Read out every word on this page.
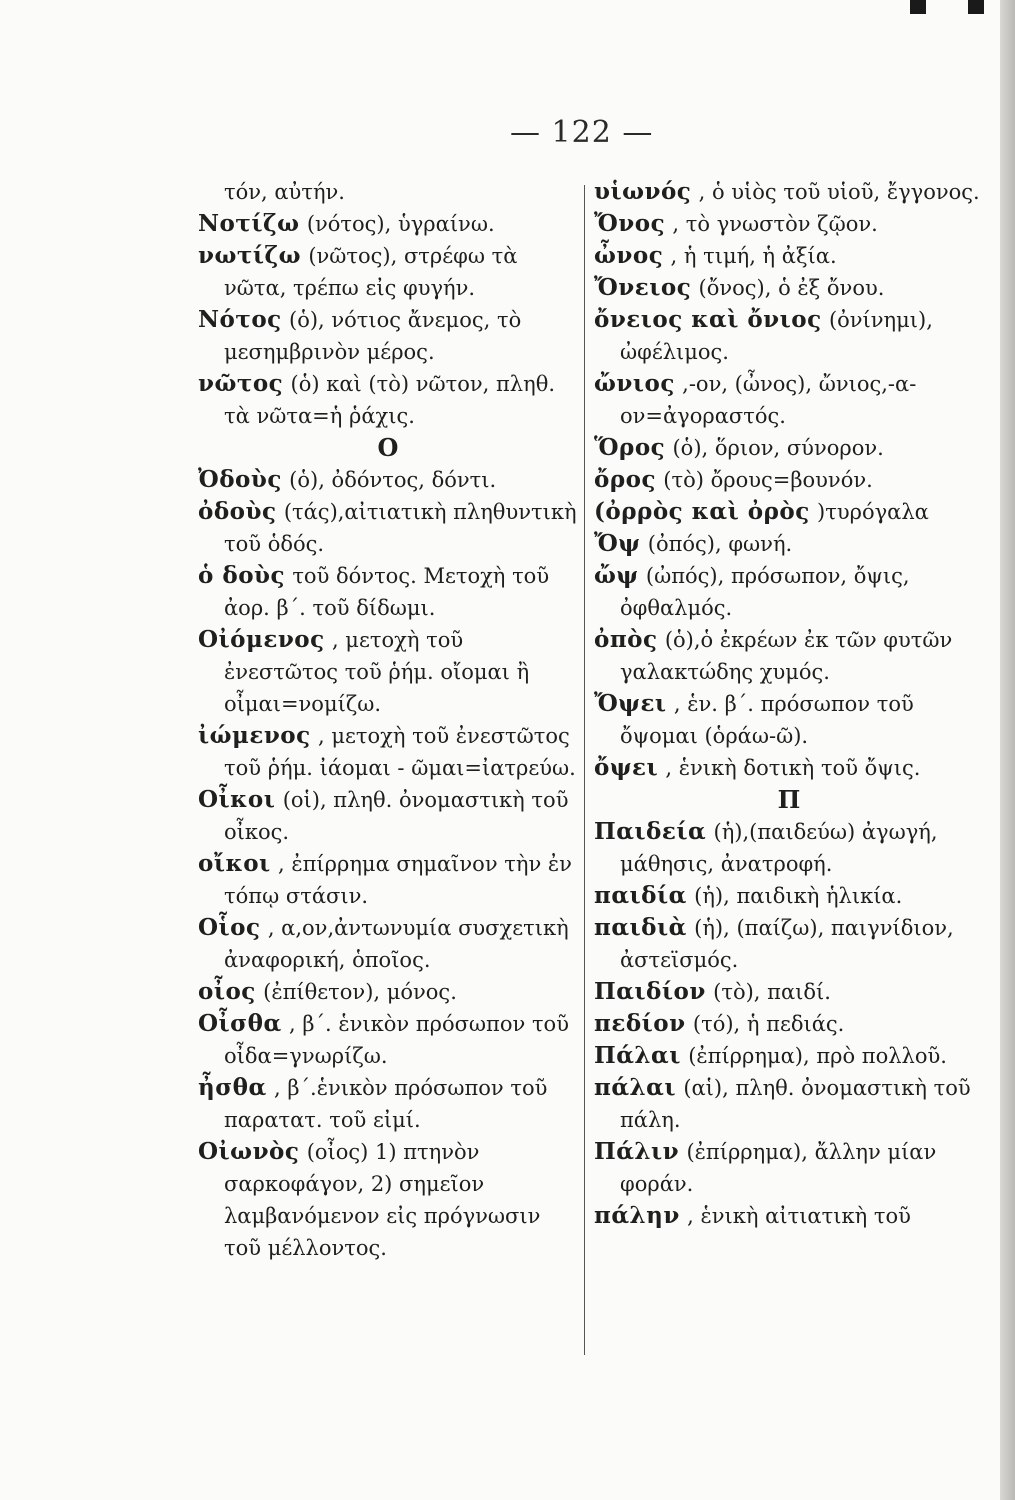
— 122 —

τόν, αὐτήν.

Νοτίζω (νότος), ὑγραίνω.

νωτίζω (νῶτος), στρέφω τὰ νῶτα, τρέπω εἰς φυγήν.

Νότος (ὁ), νότιος ἄνεμος, τὸ μεσημβρινὸν μέρος.

νῶτος (ὁ) καὶ (τὸ) νῶτον, πληθ. τὰ νῶτα=ἡ ῥάχις.

Ο

Ὀδοὺς (ὁ), ὀδόντος, δόντι.

ὀδοὺς (τάς),αἰτιατικὴ πληθυντικὴ τοῦ ὁδός.

ὁ δοὺς τοῦ δόντος. Μετοχὴ τοῦ ἀορ. β΄. τοῦ δίδωμι.

Οἰόμενος , μετοχὴ τοῦ ἐνεστῶτος τοῦ ῥήμ. οἴομαι ἢ οἶμαι=νομίζω.

ἰώμενος , μετοχὴ τοῦ ἐνεστῶτος τοῦ ῥήμ. ἰάομαι - ῶμαι=ἰατρεύω.

Οἶκοι (οἱ), πληθ. ὀνομαστικὴ τοῦ οἶκος.

οἴκοι , ἐπίρρημα σημαῖνον τὴν ἐν τόπῳ στάσιν.

Οἷος , α,ον,ἀντωνυμία συσχετικὴ ἀναφορική, ὁποῖος.

οἶος (ἐπίθετον), μόνος.

Οἶσθα , β΄. ἑνικὸν πρόσωπον τοῦ οἶδα=γνωρίζω.

ἦσθα , β΄.ἑνικὸν πρόσωπον τοῦ παρατατ. τοῦ εἰμί.

Οἰωνὸς (οἶος) 1) πτηνὸν σαρκοφάγον, 2) σημεῖον λαμβανόμενον εἰς πρόγνωσιν τοῦ μέλλοντος.

υἱωνός , ὁ υἱὸς τοῦ υἱοῦ, ἔγγονος.

Ὄνος , τὸ γνωστὸν ζῷον.

ὦνος , ἡ τιμή, ἡ ἀξία.

Ὄνειος (ὄνος), ὁ ἐξ ὄνου.

ὄνειος καὶ ὄνιος (ὀνίνημι), ὠφέλιμος.

ὤνιος ,-ον, (ὦνος), ὤνιος,-α-ον=ἀγοραστός.

Ὅρος (ὁ), ὅριον, σύνορον.

ὄρος (τὸ) ὄρους=βουνόν.

(ὀρρὸς καὶ ὀρὸς )τυρόγαλα

Ὄψ (ὀπός), φωνή.

ὤψ (ὠπός), πρόσωπον, ὄψις, ὀφθαλμός.

ὀπὸς (ὁ),ὁ ἐκρέων ἐκ τῶν φυτῶν γαλακτώδης χυμός.

Ὄψει , ἑν. β΄. πρόσωπον τοῦ ὄψομαι (ὁράω-ῶ).

ὄψει , ἑνικὴ δοτικὴ τοῦ ὄψις.

Π

Παιδεία (ἡ),(παιδεύω) ἀγωγή, μάθησις, ἀνατροφή.

παιδία (ἡ), παιδικὴ ἡλικία.

παιδιὰ (ἡ), (παίζω), παιγνίδιον, ἀστεϊσμός.

Παιδίον (τὸ), παιδί.

πεδίον (τό), ἡ πεδιάς.

Πάλαι (ἐπίρρημα), πρὸ πολλοῦ.

πάλαι (αἱ), πληθ. ὀνομαστικὴ τοῦ πάλη.

Πάλιν (ἐπίρρημα), ἄλλην μίαν φοράν.

πάλην , ἑνικὴ αἰτιατικὴ τοῦ
